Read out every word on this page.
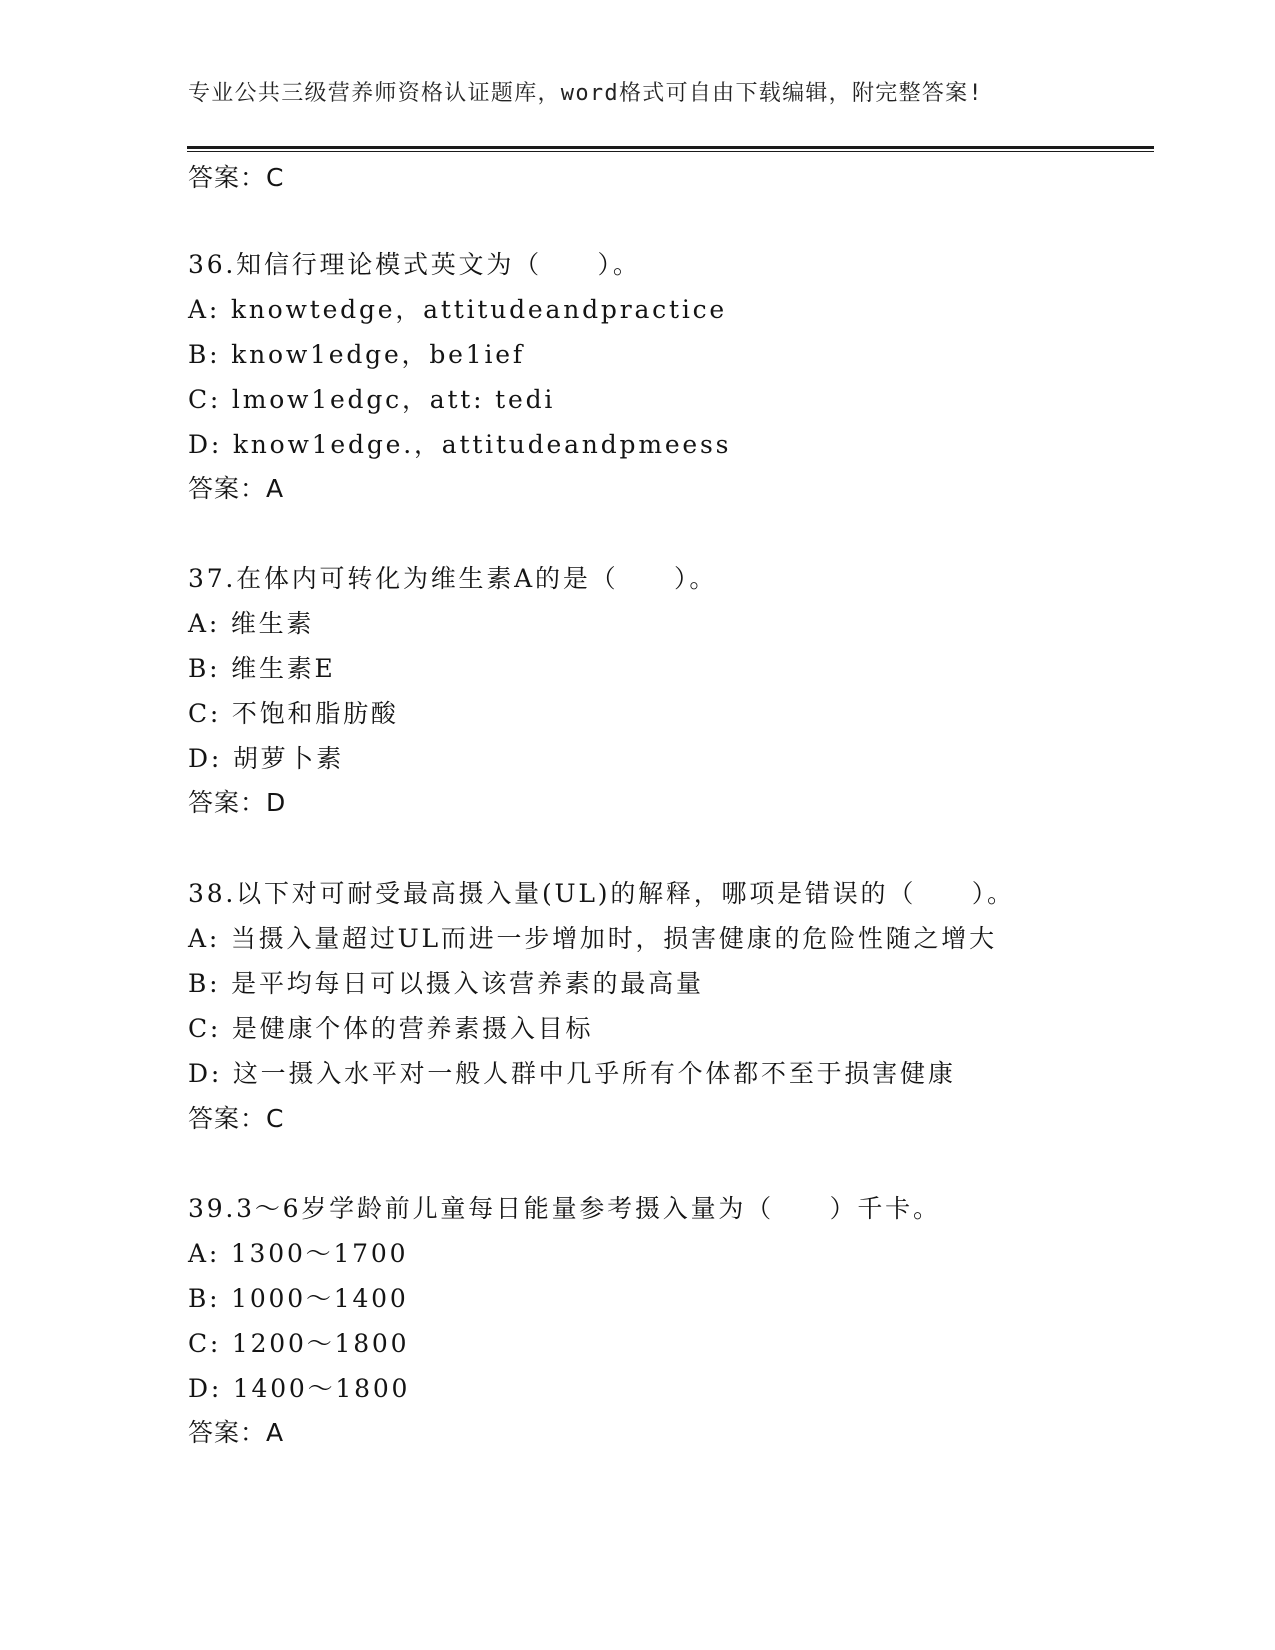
专业公共三级营养师资格认证题库，word格式可自由下载编辑，附完整答案!
答案：C
36.知信行理论模式英文为（　　）。
A: knowtedge，attitudeandpractice
B: know1edge，be1ief
C: lmow1edgc，att: tedi
D: know1edge.，attitudeandpmeess
答案：A
37.在体内可转化为维生素A的是（　　）。
A: 维生素
B: 维生素E
C: 不饱和脂肪酸
D: 胡萝卜素
答案：D
38.以下对可耐受最高摄入量(UL)的解释，哪项是错误的（　　）。
A: 当摄入量超过UL而进一步增加时，损害健康的危险性随之增大
B: 是平均每日可以摄入该营养素的最高量
C: 是健康个体的营养素摄入目标
D: 这一摄入水平对一般人群中几乎所有个体都不至于损害健康
答案：C
39.3～6岁学龄前儿童每日能量参考摄入量为（　　）千卡。
A: 1300～1700
B: 1000～1400
C: 1200～1800
D: 1400～1800
答案：A
